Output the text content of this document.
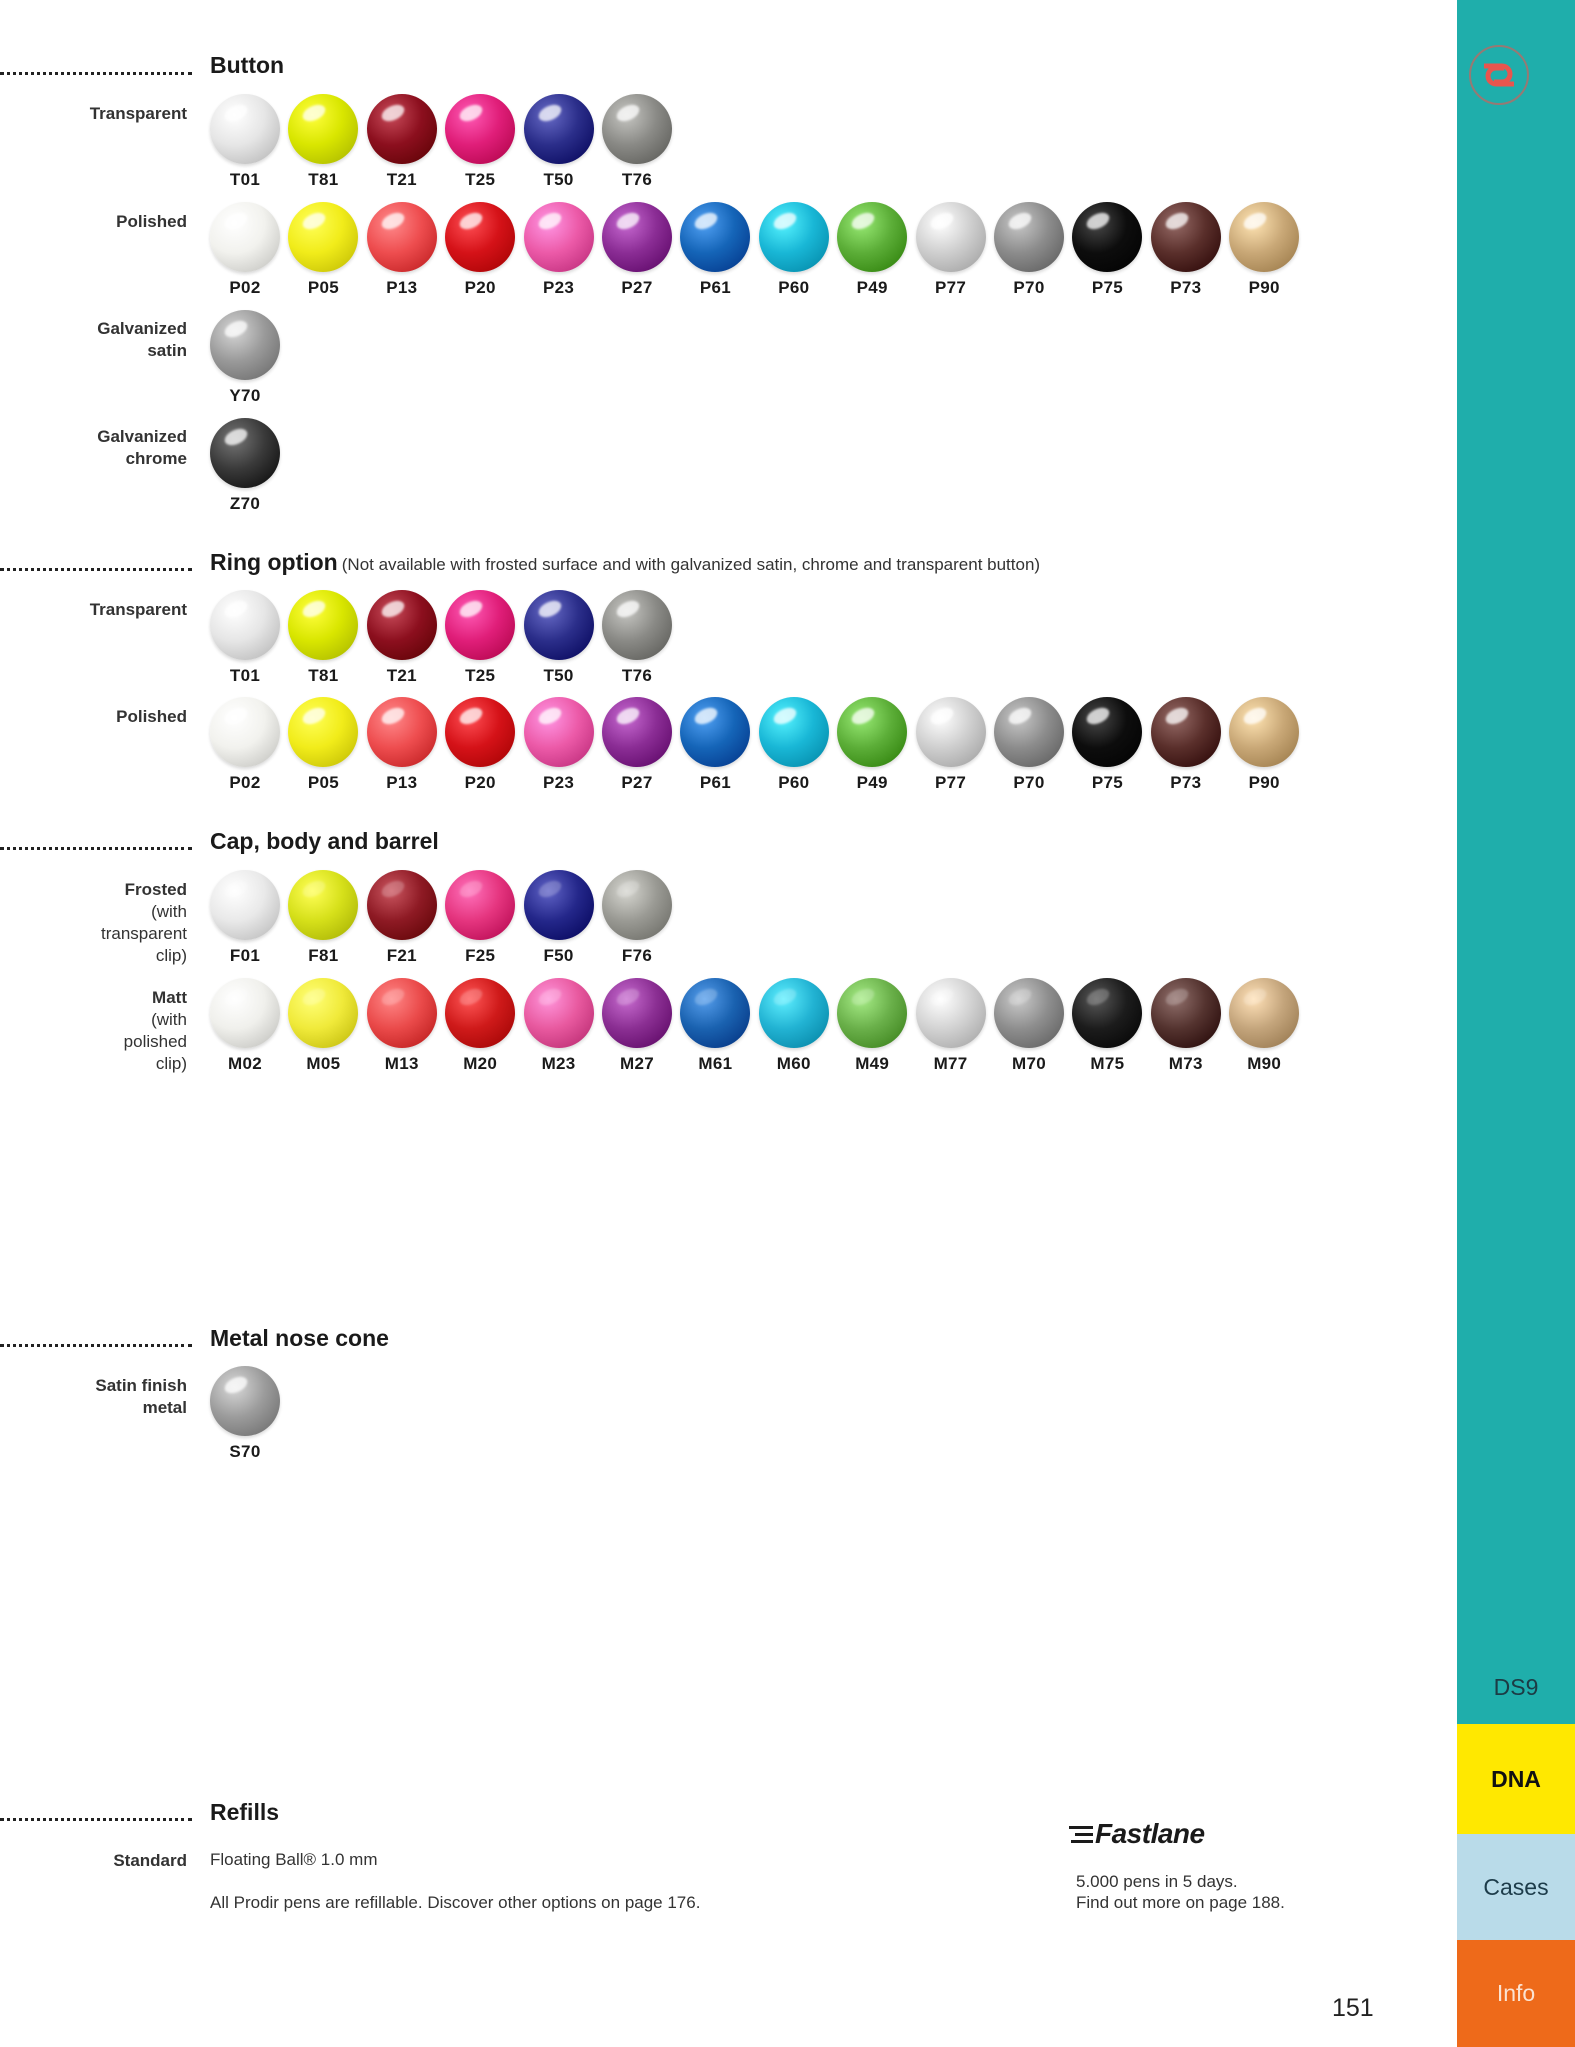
DS9
DNA
Cases
Info
Button
Transparent
T01	T81	T21	T25	T50	T76
Polished
P02	P05	P13	P20	P23	P27	P61	P60	P49	P77	P70	P75	P73	P90
Galvanized
satin
Y70
Galvanized
chrome
Z70
Ring option (Not available with frosted surface and with galvanized satin, chrome and transparent button)
Transparent
T01	T81	T21	T25	T50	T76
Polished
P02	P05	P13	P20	P23	P27	P61	P60	P49	P77	P70	P75	P73	P90
Cap, body and barrel
Frosted

(with
transparent
clip)	F01	F81	F21	F25	F50	F76
Matt

(with
polished
clip)	M02	M05	M13	M20	M23	M27	M61	M60	M49	M77	M70	M75	M73	M90
Metal nose cone
Satin finish
metal
S70
Refills
Standard Floating Ball® 1.0 mm
All Prodir pens are refillable. Discover other options on page 176.
Fastlane
5.000 pens in 5 days.
Find out more on page 188.
151
